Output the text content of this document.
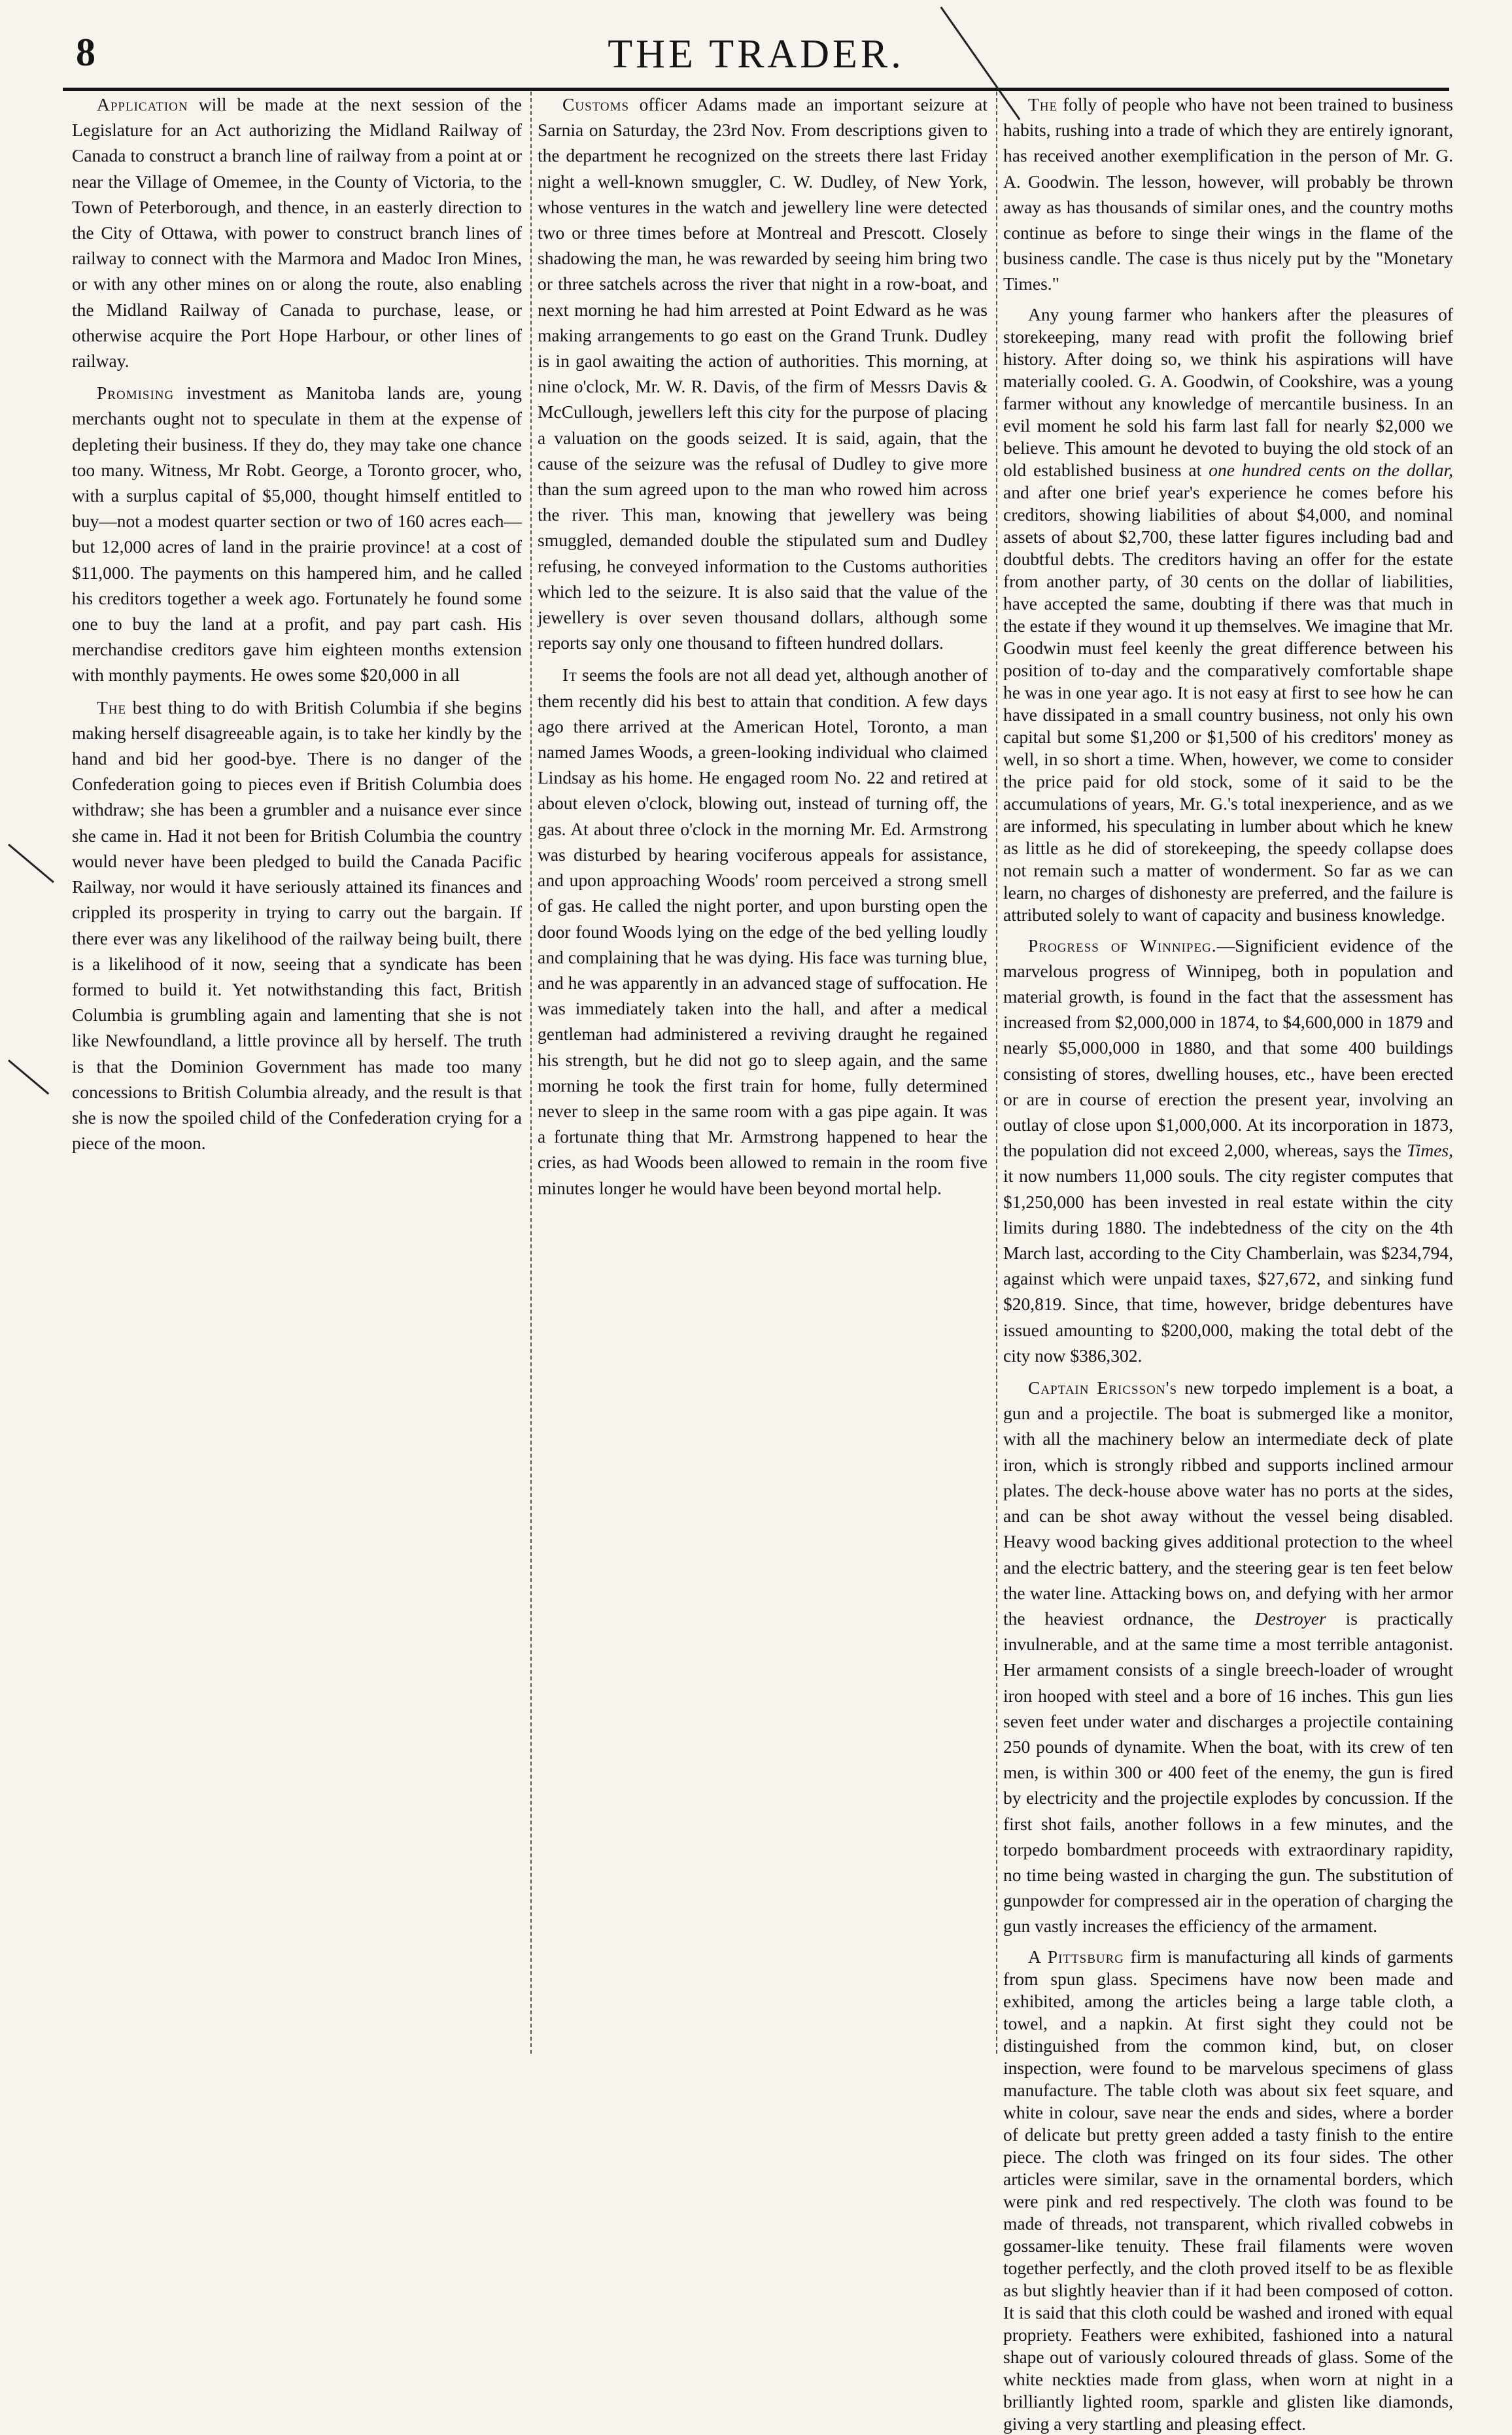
8	THE TRADER.

Application will be made at the next session of the Legislature for an Act authorizing the Midland Railway of Canada to construct a branch line of railway from a point at or near the Village of Omemee, in the County of Victoria, to the Town of Peterborough, and thence, in an easterly direction to the City of Ottawa, with power to construct branch lines of railway to connect with the Marmora and Madoc Iron Mines, or with any other mines on or along the route, also enabling the Midland Railway of Canada to purchase, lease, or otherwise acquire the Port Hope Harbour, or other lines of railway.

Promising investment as Manitoba lands are, young merchants ought not to speculate in them at the expense of depleting their business. If they do, they may take one chance too many. Witness, Mr Robt. George, a Toronto grocer, who, with a surplus capital of $5,000, thought himself entitled to buy—not a modest quarter section or two of 160 acres each—but 12,000 acres of land in the prairie province! at a cost of $11,000. The payments on this hampered him, and he called his creditors together a week ago. Fortunately he found some one to buy the land at a profit, and pay part cash. His merchandise creditors gave him eighteen months extension with monthly payments. He owes some $20,000 in all

The best thing to do with British Columbia if she begins making herself disagreeable again, is to take her kindly by the hand and bid her good-bye. There is no danger of the Confederation going to pieces even if British Columbia does withdraw; she has been a grumbler and a nuisance ever since she came in. Had it not been for British Columbia the country would never have been pledged to build the Canada Pacific Railway, nor would it have seriously attained its finances and crippled its prosperity in trying to carry out the bargain. If there ever was any likelihood of the railway being built, there is a likelihood of it now, seeing that a syndicate has been formed to build it. Yet notwithstanding this fact, British Columbia is grumbling again and lamenting that she is not like Newfoundland, a little province all by herself. The truth is that the Dominion Government has made too many concessions to British Columbia already, and the result is that she is now the spoiled child of the Confederation crying for a piece of the moon.

Customs officer Adams made an important seizure at Sarnia on Saturday, the 23rd Nov. From descriptions given to the department he recognized on the streets there last Friday night a well-known smuggler, C. W. Dudley, of New York, whose ventures in the watch and jewellery line were detected two or three times before at Montreal and Prescott. Closely shadowing the man, he was rewarded by seeing him bring two or three satchels across the river that night in a row-boat, and next morning he had him arrested at Point Edward as he was making arrangements to go east on the Grand Trunk. Dudley is in gaol awaiting the action of authorities. This morning, at nine o'clock, Mr. W. R. Davis, of the firm of Messrs Davis & McCullough, jewellers left this city for the purpose of placing a valuation on the goods seized. It is said, again, that the cause of the seizure was the refusal of Dudley to give more than the sum agreed upon to the man who rowed him across the river. This man, knowing that jewellery was being smuggled, demanded double the stipulated sum and Dudley refusing, he conveyed information to the Customs authorities which led to the seizure. It is also said that the value of the jewellery is over seven thousand dollars, although some reports say only one thousand to fifteen hundred dollars.

It seems the fools are not all dead yet, although another of them recently did his best to attain that condition. A few days ago there arrived at the American Hotel, Toronto, a man named James Woods, a green-looking individual who claimed Lindsay as his home. He engaged room No. 22 and retired at about eleven o'clock, blowing out, instead of turning off, the gas. At about three o'clock in the morning Mr. Ed. Armstrong was disturbed by hearing vociferous appeals for assistance, and upon approaching Woods' room perceived a strong smell of gas. He called the night porter, and upon bursting open the door found Woods lying on the edge of the bed yelling loudly and complaining that he was dying. His face was turning blue, and he was apparently in an advanced stage of suffocation. He was immediately taken into the hall, and after a medical gentleman had administered a reviving draught he regained his strength, but he did not go to sleep again, and the same morning he took the first train for home, fully determined never to sleep in the same room with a gas pipe again. It was a fortunate thing that Mr. Armstrong happened to hear the cries, as had Woods been allowed to remain in the room five minutes longer he would have been beyond mortal help.

The folly of people who have not been trained to business habits, rushing into a trade of which they are entirely ignorant, has received another exemplification in the person of Mr. G. A. Goodwin. The lesson, however, will probably be thrown away as has thousands of similar ones, and the country moths continue as before to singe their wings in the flame of the business candle. The case is thus nicely put by the "Monetary Times."

Any young farmer who hankers after the pleasures of storekeeping, many read with profit the following brief history. After doing so, we think his aspirations will have materially cooled. G. A. Goodwin, of Cookshire, was a young farmer without any knowledge of mercantile business. In an evil moment he sold his farm last fall for nearly $2,000 we believe. This amount he devoted to buying the old stock of an old established business at one hundred cents on the dollar, and after one brief year's experience he comes before his creditors, showing liabilities of about $4,000, and nominal assets of about $2,700, these latter figures including bad and doubtful debts. The creditors having an offer for the estate from another party, of 30 cents on the dollar of liabilities, have accepted the same, doubting if there was that much in the estate if they wound it up themselves. We imagine that Mr. Goodwin must feel keenly the great difference between his position of to-day and the comparatively comfortable shape he was in one year ago. It is not easy at first to see how he can have dissipated in a small country business, not only his own capital but some $1,200 or $1,500 of his creditors' money as well, in so short a time. When, however, we come to consider the price paid for old stock, some of it said to be the accumulations of years, Mr. G.'s total inexperience, and as we are informed, his speculating in lumber about which he knew as little as he did of storekeeping, the speedy collapse does not remain such a matter of wonderment. So far as we can learn, no charges of dishonesty are preferred, and the failure is attributed solely to want of capacity and business knowledge.

Progress of Winnipeg.—Significient evidence of the marvelous progress of Winnipeg, both in population and material growth, is found in the fact that the assessment has increased from $2,000,000 in 1874, to $4,600,000 in 1879 and nearly $5,000,000 in 1880, and that some 400 buildings consisting of stores, dwelling houses, etc., have been erected or are in course of erection the present year, involving an outlay of close upon $1,000,000. At its incorporation in 1873, the population did not exceed 2,000, whereas, says the Times, it now numbers 11,000 souls. The city register computes that $1,250,000 has been invested in real estate within the city limits during 1880. The indebtedness of the city on the 4th March last, according to the City Chamberlain, was $234,794, against which were unpaid taxes, $27,672, and sinking fund $20,819. Since, that time, however, bridge debentures have issued amounting to $200,000, making the total debt of the city now $386,302.

Captain Ericsson's new torpedo implement is a boat, a gun and a projectile. The boat is submerged like a monitor, with all the machinery below an intermediate deck of plate iron, which is strongly ribbed and supports inclined armour plates. The deck-house above water has no ports at the sides, and can be shot away without the vessel being disabled. Heavy wood backing gives additional protection to the wheel and the electric battery, and the steering gear is ten feet below the water line. Attacking bows on, and defying with her armor the heaviest ordnance, the Destroyer is practically invulnerable, and at the same time a most terrible antagonist. Her armament consists of a single breech-loader of wrought iron hooped with steel and a bore of 16 inches. This gun lies seven feet under water and discharges a projectile containing 250 pounds of dynamite. When the boat, with its crew of ten men, is within 300 or 400 feet of the enemy, the gun is fired by electricity and the projectile explodes by concussion. If the first shot fails, another follows in a few minutes, and the torpedo bombardment proceeds with extraordinary rapidity, no time being wasted in charging the gun. The substitution of gunpowder for compressed air in the operation of charging the gun vastly increases the efficiency of the armament.

A Pittsburg firm is manufacturing all kinds of garments from spun glass. Specimens have now been made and exhibited, among the articles being a large table cloth, a towel, and a napkin. At first sight they could not be distinguished from the common kind, but, on closer inspection, were found to be marvelous specimens of glass manufacture. The table cloth was about six feet square, and white in colour, save near the ends and sides, where a border of delicate but pretty green added a tasty finish to the entire piece. The cloth was fringed on its four sides. The other articles were similar, save in the ornamental borders, which were pink and red respectively. The cloth was found to be made of threads, not transparent, which rivalled cobwebs in gossamer-like tenuity. These frail filaments were woven together perfectly, and the cloth proved itself to be as flexible as but slightly heavier than if it had been composed of cotton. It is said that this cloth could be washed and ironed with equal propriety. Feathers were exhibited, fashioned into a natural shape out of variously coloured threads of glass. Some of the white neckties made from glass, when worn at night in a brilliantly lighted room, sparkle and glisten like diamonds, giving a very startling and pleasing effect.
